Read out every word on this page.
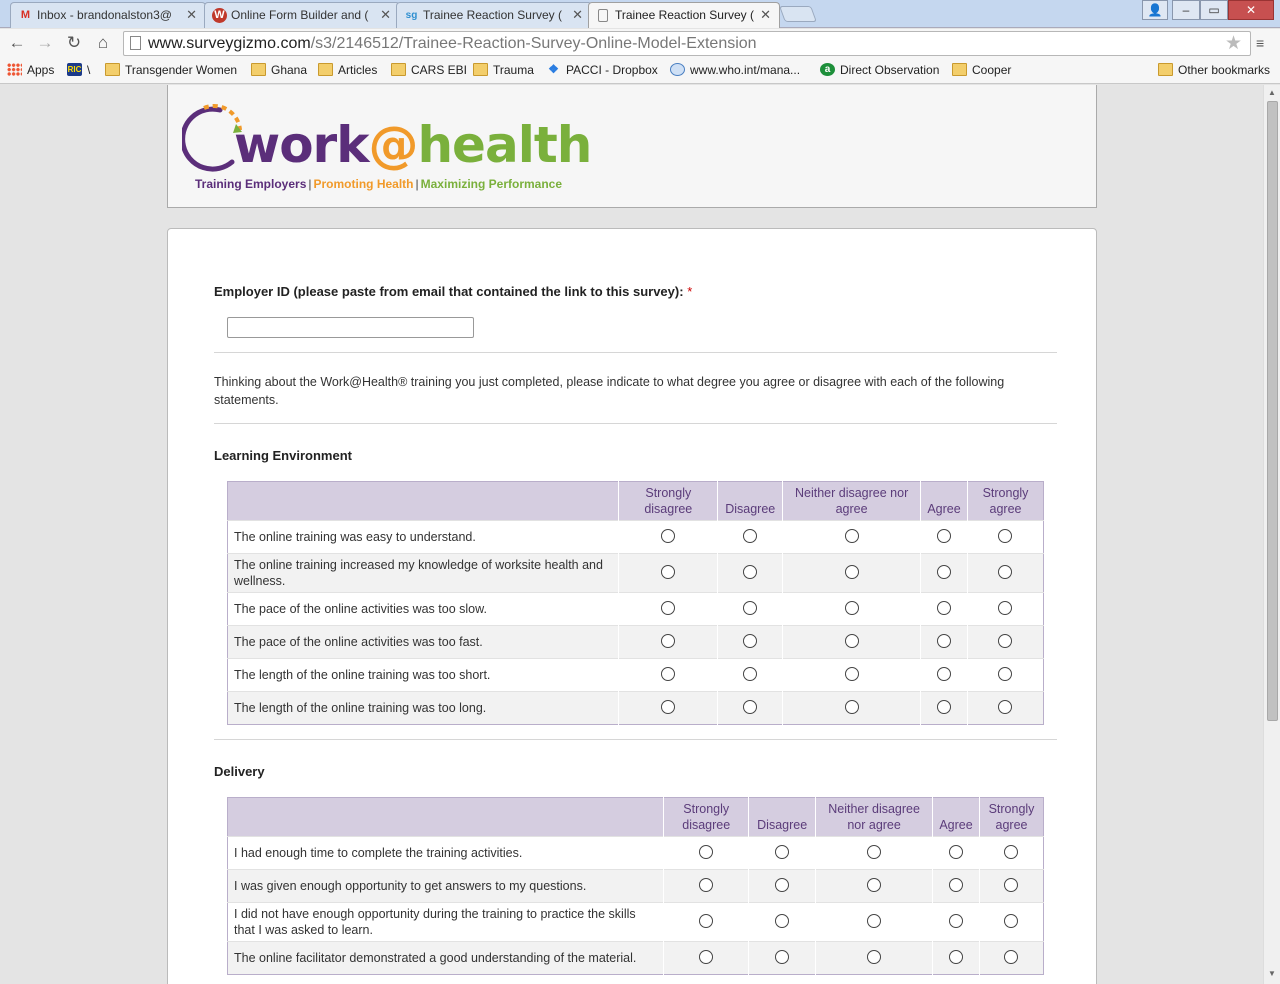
M Inbox - brandonalston3@	✕ W Online Form Builder and ( ✕ sg Trainee Reaction Survey ( ✕	Trainee Reaction Survey ( ✕	👤	–	▭	✕
← → ↻ ⌂	www.surveygizmo.com/s3/2146512/Trainee-Reaction-Survey-Online-Model-Extension	★ ≡
Apps RIC \	Transgender Women	Ghana	Articles	CARS EBI	Trauma ❖ PACCI - Dropbox	www.who.int/mana...	a Direct Observation	Cooper	Other bookmarks
work@health
Training Employers | Promoting Health | Maximizing Performance
Employer ID (please paste from email that contained the link to this survey): *
Thinking about the Work@Health® training you just completed, please indicate to what degree you agree or disagree with each of the following statements.
Learning Environment
	Strongly disagree	Disagree	Neither disagree nor agree	Agree	Strongly agree
The online training was easy to understand.					
The online training increased my knowledge of worksite health and wellness.					
The pace of the online activities was too slow.					
The pace of the online activities was too fast.					
The length of the online training was too short.					
The length of the online training was too long.					
Delivery
	Strongly disagree	Disagree	Neither disagree nor agree	Agree	Strongly agree
I had enough time to complete the training activities.					
I was given enough opportunity to get answers to my questions.					
I did not have enough opportunity during the training to practice the skills that I was asked to learn.					
The online facilitator demonstrated a good understanding of the material.					
▲
▼
